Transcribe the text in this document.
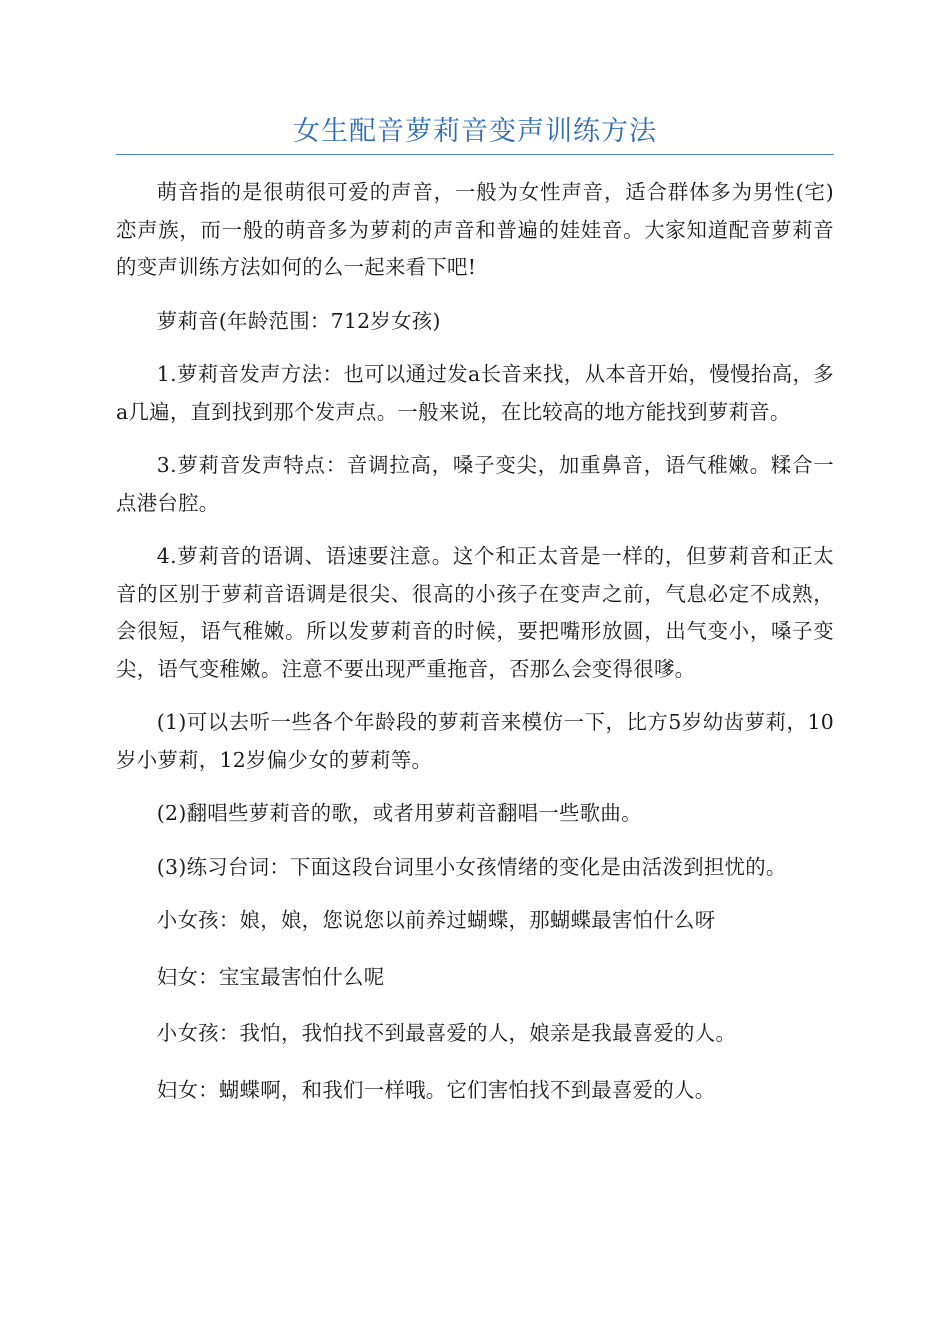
女生配音萝莉音变声训练方法

萌音指的是很萌很可爱的声音，一般为女性声音，适合群体多为男性(宅)恋声族，而一般的萌音多为萝莉的声音和普遍的娃娃音。大家知道配音萝莉音的变声训练方法如何的么一起来看下吧!

萝莉音(年龄范围：712岁女孩)

1.萝莉音发声方法：也可以通过发a长音来找，从本音开始，慢慢抬高，多a几遍，直到找到那个发声点。一般来说，在比较高的地方能找到萝莉音。

3.萝莉音发声特点：音调拉高，嗓子变尖，加重鼻音，语气稚嫩。糅合一点港台腔。

4.萝莉音的语调、语速要注意。这个和正太音是一样的，但萝莉音和正太音的区别于萝莉音语调是很尖、很高的小孩子在变声之前，气息必定不成熟，会很短，语气稚嫩。所以发萝莉音的时候，要把嘴形放圆，出气变小，嗓子变尖，语气变稚嫩。注意不要出现严重拖音，否那么会变得很嗲。

(1)可以去听一些各个年龄段的萝莉音来模仿一下，比方5岁幼齿萝莉，10岁小萝莉，12岁偏少女的萝莉等。

(2)翻唱些萝莉音的歌，或者用萝莉音翻唱一些歌曲。

(3)练习台词：下面这段台词里小女孩情绪的变化是由活泼到担忧的。

小女孩：娘，娘，您说您以前养过蝴蝶，那蝴蝶最害怕什么呀

妇女：宝宝最害怕什么呢

小女孩：我怕，我怕找不到最喜爱的人，娘亲是我最喜爱的人。

妇女：蝴蝶啊，和我们一样哦。它们害怕找不到最喜爱的人。
